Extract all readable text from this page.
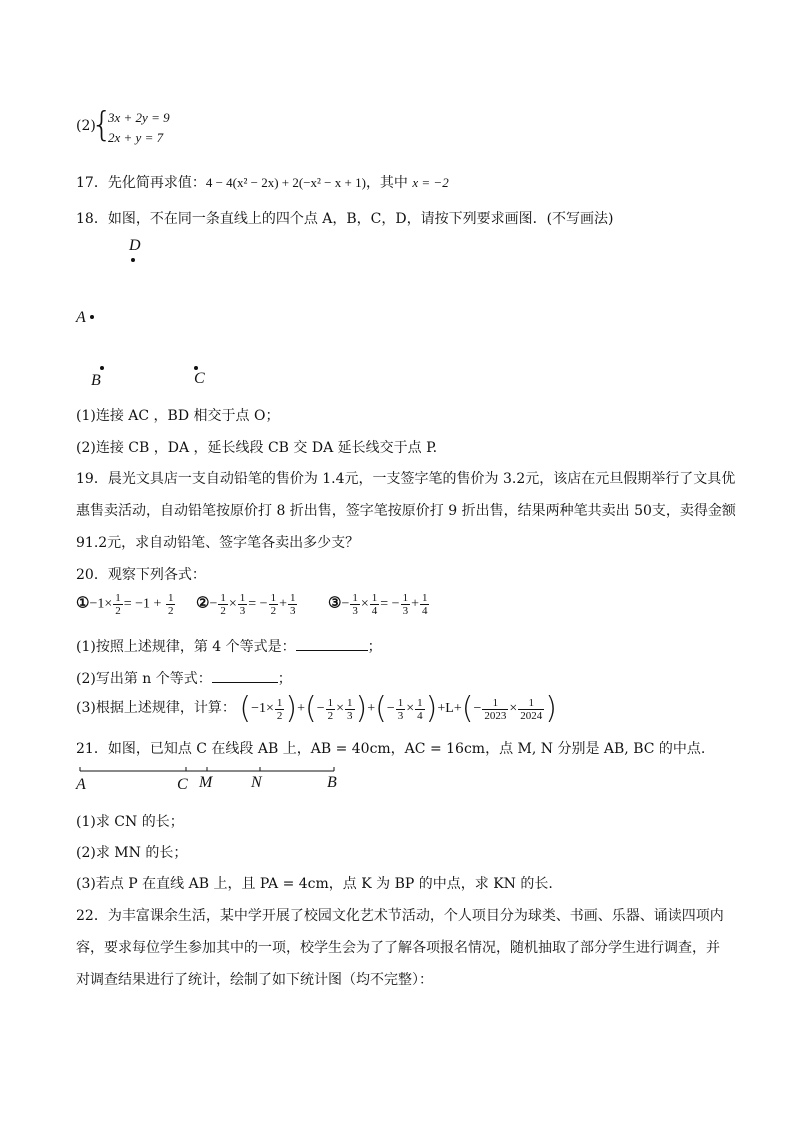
(2)
{
3x + 2y = 9
2x + y = 7
17．先化简再求值：4 − 4(x² − 2x) + 2(−x² − x + 1)，其中 x = −2
18．如图，不在同一条直线上的四个点 A，B，C，D，请按下列要求画图．(不写画法)
D
A
B	C
(1)连接 AC ，BD 相交于点 O；
(2)连接 CB ，DA ，延长线段 CB 交 DA 延长线交于点 P.
19．晨光文具店一支自动铅笔的售价为 1.4元，一支签字笔的售价为 3.2元，该店在元旦假期举行了文具优
惠售卖活动，自动铅笔按原价打 8 折出售，签字笔按原价打 9 折出售，结果两种笔共卖出 50支，卖得金额
91.2元，求自动铅笔、签字笔各卖出多少支？
20．观察下列各式：
①−1× $\frac{1}{2} = -1 + \frac{1}{2}$ ②− $\frac{1}{2} \times \frac{1}{3}$ = − $\frac{1}{2} + \frac{1}{3}$ ③− $\frac{1}{3} \times \frac{1}{4}$ = − $\frac{1}{3} + \frac{1}{4}$
(1)按照上述规律，第 4 个等式是：	；
(2)写出第 n 个等式：	；
(3)根据上述规律，计算： ($-1\times \frac{1}{2}$ )+(− $\frac{1}{2} \times \frac{1}{3}$ )+(− $\frac{1}{3} \times \frac{1}{4} )+L+(- \frac{1}{2023} \times \frac{1}{2024}$ )
21．如图，已知点 C 在线段 AB 上，AB = 40cm，AC = 16cm，点 M, N 分别是 AB, BC 的中点.
A	C M N	B
(1)求 CN 的长；
(2)求 MN 的长；
(3)若点 P 在直线 AB 上，且 PA = 4cm，点 K 为 BP 的中点，求 KN 的长.
22．为丰富课余生活，某中学开展了校园文化艺术节活动，个人项目分为球类、书画、乐器、诵读四项内
容，要求每位学生参加其中的一项，校学生会为了了解各项报名情况，随机抽取了部分学生进行调查，并
对调查结果进行了统计，绘制了如下统计图（均不完整）：
